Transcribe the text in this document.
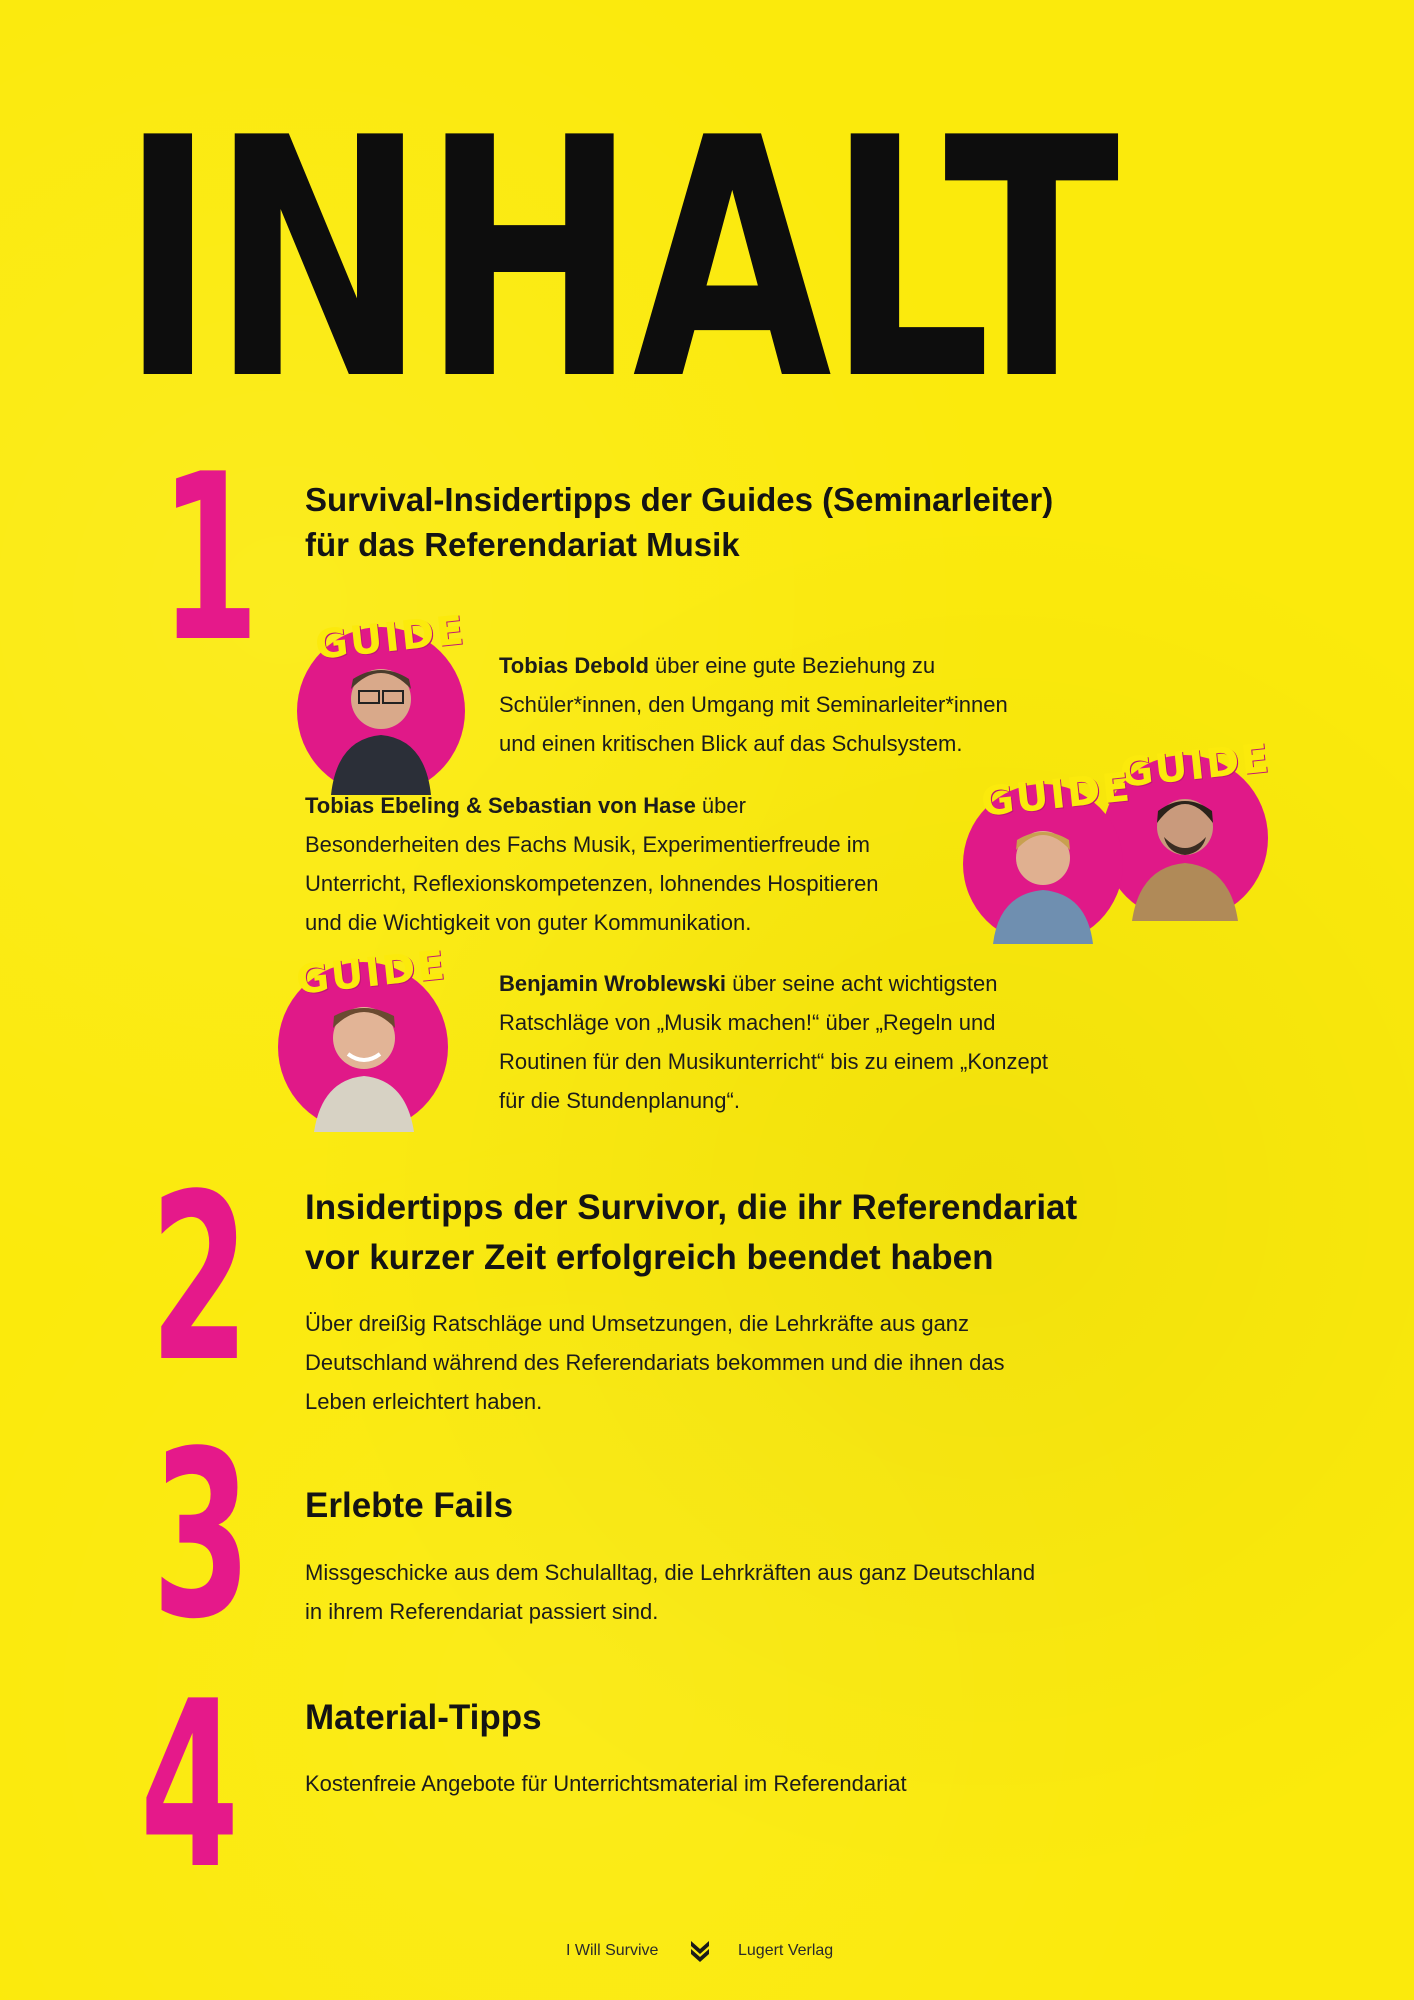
INHALT
1 Survival-Insidertipps der Guides (Seminarleiter)
für das Referendariat Musik
GUIDE Tobias Debold über eine gute Beziehung zu
Schüler*innen, den Umgang mit Seminarleiter*innen
und einen kritischen Blick auf das Schulsystem.
Tobias Ebeling & Sebastian von Hase über
Besonderheiten des Fachs Musik, Experimentierfreude im
Unterricht, Reflexionskompetenzen, lohnendes Hospitieren
und die Wichtigkeit von guter Kommunikation.
GUIDE
GUIDE
GUIDE Benjamin Wroblewski über seine acht wichtigsten
Ratschläge von „Musik machen!“ über „Regeln und
Routinen für den Musikunterricht“ bis zu einem „Konzept
für die Stundenplanung“.
2 Insidertipps der Survivor, die ihr Referendariat
vor kurzer Zeit erfolgreich beendet haben
Über dreißig Ratschläge und Umsetzungen, die Lehrkräfte aus ganz
Deutschland während des Referendariats bekommen und die ihnen das
Leben erleichtert haben.
3 Erlebte Fails
Missgeschicke aus dem Schulalltag, die Lehrkräften aus ganz Deutschland
in ihrem Referendariat passiert sind.
4 Material-Tipps
Kostenfreie Angebote für Unterrichtsmaterial im Referendariat
I Will Survive	Lugert Verlag
